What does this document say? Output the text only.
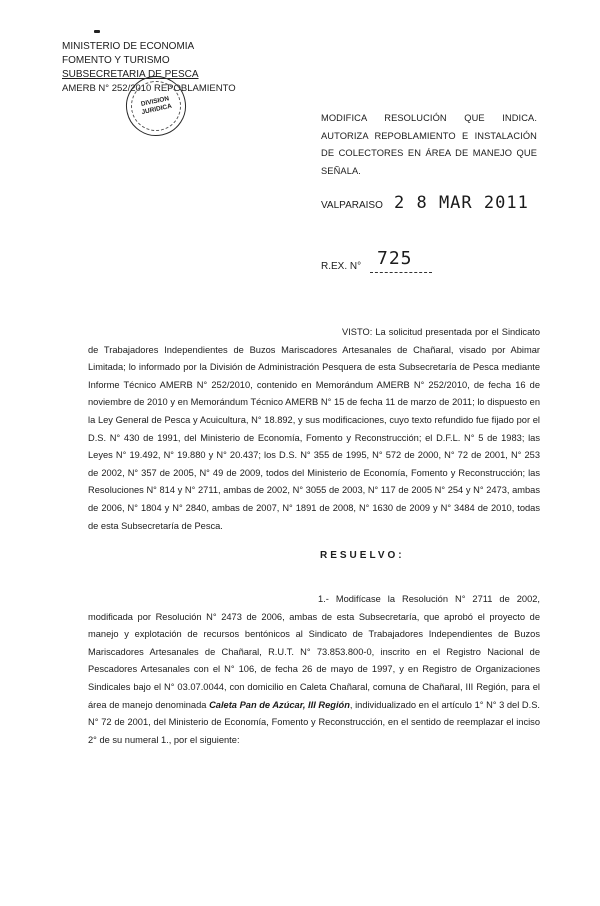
MINISTERIO DE ECONOMIA
FOMENTO Y TURISMO
SUBSECRETARIA DE PESCA
AMERB N° 252/2010 REPOBLAMIENTO
DIVISION JURIDICA
MODIFICA RESOLUCIÓN QUE INDICA. AUTORIZA REPOBLAMIENTO E INSTALACIÓN DE COLECTORES EN ÁREA DE MANEJO QUE SEÑALA.
VALPARAISO 2 8 MAR 2011
R.EX. N° 725
VISTO: La solicitud presentada por el Sindicato de Trabajadores Independientes de Buzos Mariscadores Artesanales de Chañaral, visado por Abimar Limitada; lo informado por la División de Administración Pesquera de esta Subsecretaría de Pesca mediante Informe Técnico AMERB N° 252/2010, contenido en Memorándum AMERB N° 252/2010, de fecha 16 de noviembre de 2010 y en Memorándum Técnico AMERB N° 15 de fecha 11 de marzo de 2011; lo dispuesto en la Ley General de Pesca y Acuicultura, N° 18.892, y sus modificaciones, cuyo texto refundido fue fijado por el D.S. N° 430 de 1991, del Ministerio de Economía, Fomento y Reconstrucción; el D.F.L. N° 5 de 1983; las Leyes N° 19.492, N° 19.880 y N° 20.437; los D.S. N° 355 de 1995, N° 572 de 2000, N° 72 de 2001, N° 253 de 2002, N° 357 de 2005, N° 49 de 2009, todos del Ministerio de Economía, Fomento y Reconstrucción; las Resoluciones N° 814 y N° 2711, ambas de 2002, N° 3055 de 2003, N° 117 de 2005 N° 254 y N° 2473, ambas de 2006, N° 1804 y N° 2840, ambas de 2007, N° 1891 de 2008, N° 1630 de 2009 y N° 3484 de 2010, todas de esta Subsecretaría de Pesca.
RESUELVO:
1.- Modifícase la Resolución N° 2711 de 2002, modificada por Resolución N° 2473 de 2006, ambas de esta Subsecretaría, que aprobó el proyecto de manejo y explotación de recursos bentónicos al Sindicato de Trabajadores Independientes de Buzos Mariscadores Artesanales de Chañaral, R.U.T. N° 73.853.800-0, inscrito en el Registro Nacional de Pescadores Artesanales con el N° 106, de fecha 26 de mayo de 1997, y en Registro de Organizaciones Sindicales bajo el N° 03.07.0044, con domicilio en Caleta Chañaral, comuna de Chañaral, III Región, para el área de manejo denominada Caleta Pan de Azúcar, III Región, individualizado en el artículo 1° N° 3 del D.S. N° 72 de 2001, del Ministerio de Economía, Fomento y Reconstrucción, en el sentido de reemplazar el inciso 2° de su numeral 1., por el siguiente:
